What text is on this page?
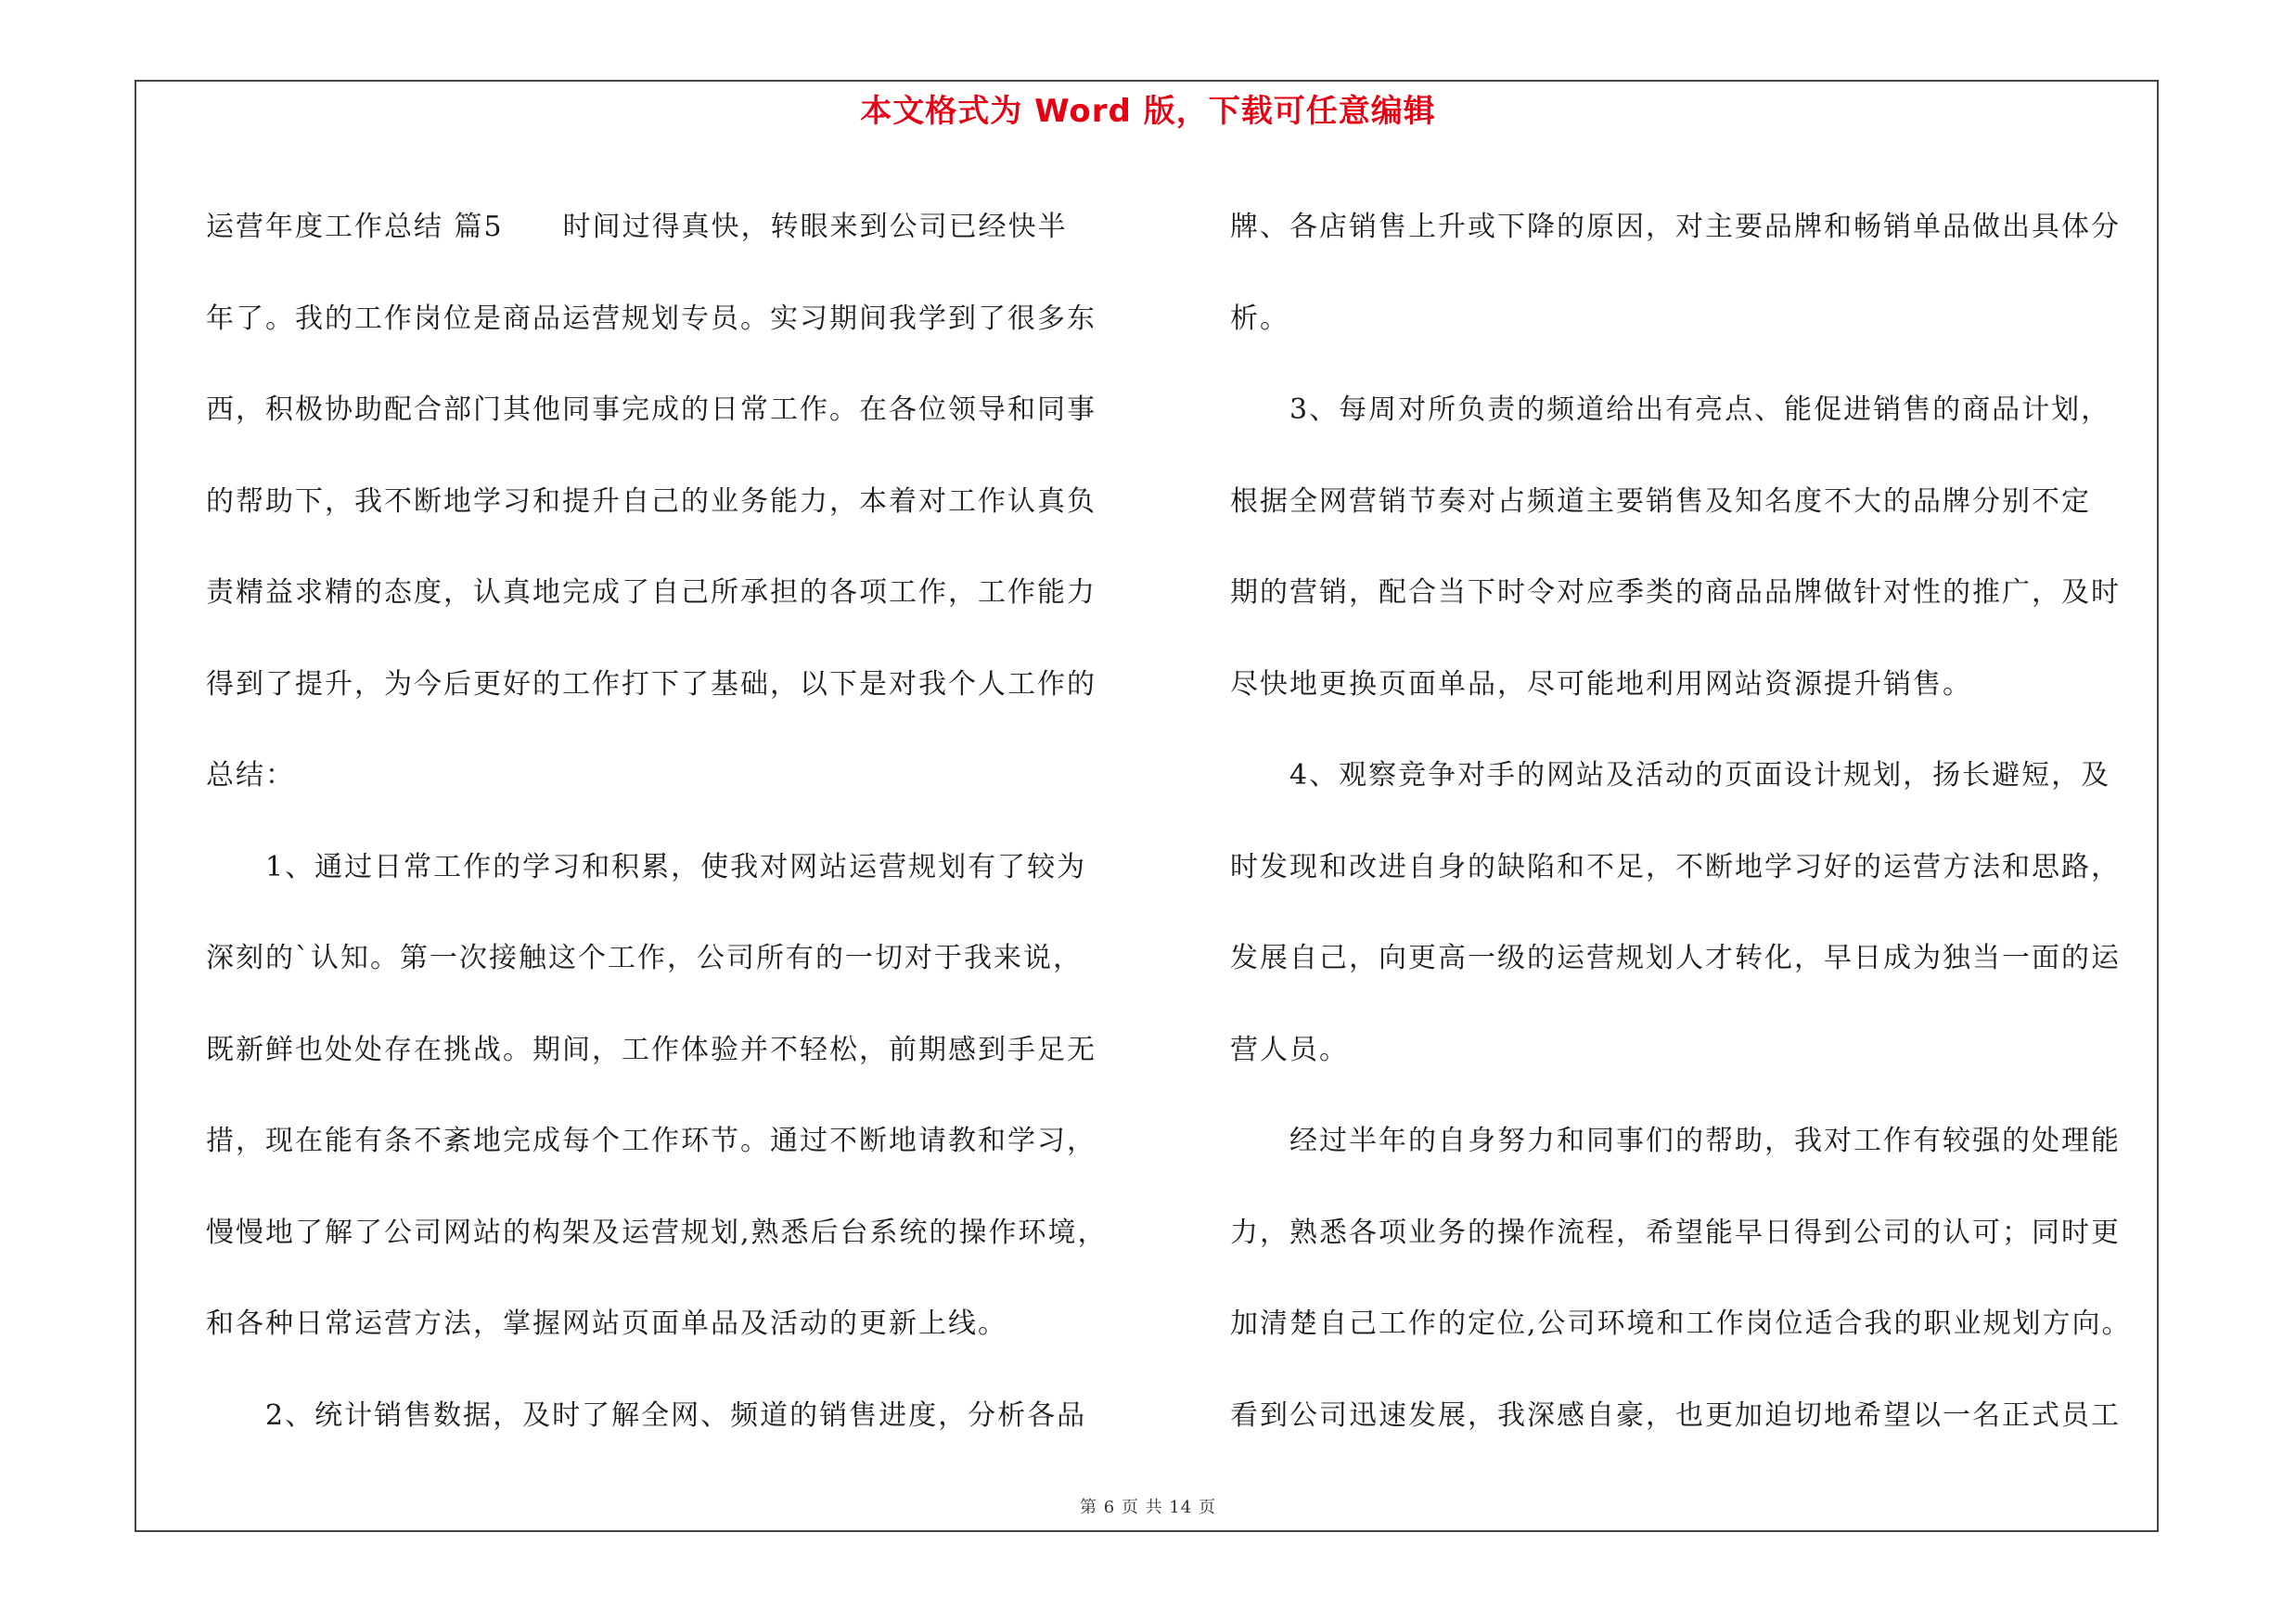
本文格式为 Word 版，下载可任意编辑
运营年度工作总结 篇5　　时间过得真快，转眼来到公司已经快半
年了。我的工作岗位是商品运营规划专员。实习期间我学到了很多东
西，积极协助配合部门其他同事完成的日常工作。在各位领导和同事
的帮助下，我不断地学习和提升自己的业务能力，本着对工作认真负
责精益求精的态度，认真地完成了自己所承担的各项工作，工作能力
得到了提升，为今后更好的工作打下了基础，以下是对我个人工作的
总结：
　　1、通过日常工作的学习和积累，使我对网站运营规划有了较为
深刻的`认知。第一次接触这个工作，公司所有的一切对于我来说，
既新鲜也处处存在挑战。期间，工作体验并不轻松，前期感到手足无
措，现在能有条不紊地完成每个工作环节。通过不断地请教和学习，
慢慢地了解了公司网站的构架及运营规划,熟悉后台系统的操作环境，
和各种日常运营方法，掌握网站页面单品及活动的更新上线。
　　2、统计销售数据，及时了解全网、频道的销售进度，分析各品
牌、各店销售上升或下降的原因，对主要品牌和畅销单品做出具体分
析。
　　3、每周对所负责的频道给出有亮点、能促进销售的商品计划，
根据全网营销节奏对占频道主要销售及知名度不大的品牌分别不定
期的营销，配合当下时令对应季类的商品品牌做针对性的推广，及时
尽快地更换页面单品，尽可能地利用网站资源提升销售。
　　4、观察竞争对手的网站及活动的页面设计规划，扬长避短，及
时发现和改进自身的缺陷和不足，不断地学习好的运营方法和思路，
发展自己，向更高一级的运营规划人才转化，早日成为独当一面的运
营人员。
　　经过半年的自身努力和同事们的帮助，我对工作有较强的处理能
力，熟悉各项业务的操作流程，希望能早日得到公司的认可；同时更
加清楚自己工作的定位,公司环境和工作岗位适合我的职业规划方向。
看到公司迅速发展，我深感自豪，也更加迫切地希望以一名正式员工
第 6 页 共 14 页
